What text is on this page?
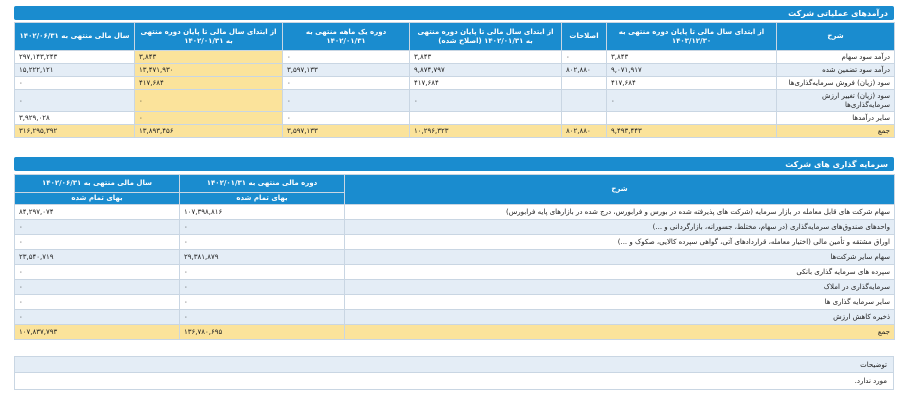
درآمدهای عملیاتی شرکت
شرح	از ابتدای سال مالی تا پایان دوره منتهی به ۱۴۰۳/۱۲/۳۰	اصلاحات	از ابتدای سال مالی تا پایان دوره منتهی به ۱۴۰۲/۰۱/۳۱ (اصلاح شده)	دوره یک ماهه منتهی به ۱۴۰۲/۰۱/۳۱	از ابتدای سال مالی تا پایان دوره منتهی به ۱۴۰۲/۰۱/۳۱	سال مالی منتهی به ۱۴۰۲/۰۶/۳۱
درآمد سود سهام	۳,۸۴۳	۰	۳,۸۴۳	۰	۳,۸۴۳	۲۹۷,۱۴۳,۲۴۳
درآمد سود تضمین شده	۹,۰۷۱,۹۱۷	۸۰۲,۸۸۰	۹,۸۷۴,۷۹۷	۳,۵۹۷,۱۳۳	۱۳,۴۷۱,۹۳۰	۱۵,۲۲۲,۱۲۱
سود (زیان) فروش سرمایه‌گذاری‌ها	۴۱۷,۶۸۴		۴۱۷,۶۸۴	۰	۴۱۷,۶۸۴	۰
سود (زیان) تغییر ارزش سرمایه‌گذاری‌ها	۰		۰	۰	۰	۰
سایر درآمدها				۰	۰	۳,۹۲۹,۰۲۸
جمع	۹,۴۹۳,۴۴۳	۸۰۲,۸۸۰	۱۰,۲۹۶,۳۲۳	۳,۵۹۷,۱۳۳	۱۳,۸۹۳,۴۵۶	۳۱۶,۲۹۵,۳۹۲
سرمایه گذاری های شرکت
شرح	دوره مالی منتهی به ۱۴۰۲/۰۱/۳۱	سال مالی منتهی به ۱۴۰۲/۰۶/۳۱
	بهای تمام شده	بهای تمام شده
سهام شرکت های قابل معامله در بازار سرمایه (شرکت های پذیرفته شده در بورس و فرابورس، درج شده در بازارهای پایه فرابورس)	۱۰۷,۳۹۸,۸۱۶	۸۴,۲۹۷,۰۷۴
واحدهای صندوق‌های سرمایه‌گذاری (در سهام، مختلط، جسورانه، بازارگردانی و ...)	۰	۰
اوراق مشتقه و تأمین مالی (اختیار معامله، قراردادهای آتی، گواهی سپرده کالایی، صکوک و ...)	۰	۰
سهام سایر شرکت‌ها	۲۹,۳۸۱,۸۷۹	۲۳,۵۴۰,۷۱۹
سپرده های سرمایه گذاری بانکی	۰	۰
سرمایه‌گذاری در املاک	۰	۰
سایر سرمایه گذاری ها	۰	۰
ذخیره کاهش ارزش	۰	۰
جمع	۱۳۶,۷۸۰,۶۹۵	۱۰۷,۸۳۷,۷۹۳
توضیحات
مورد ندارد.
